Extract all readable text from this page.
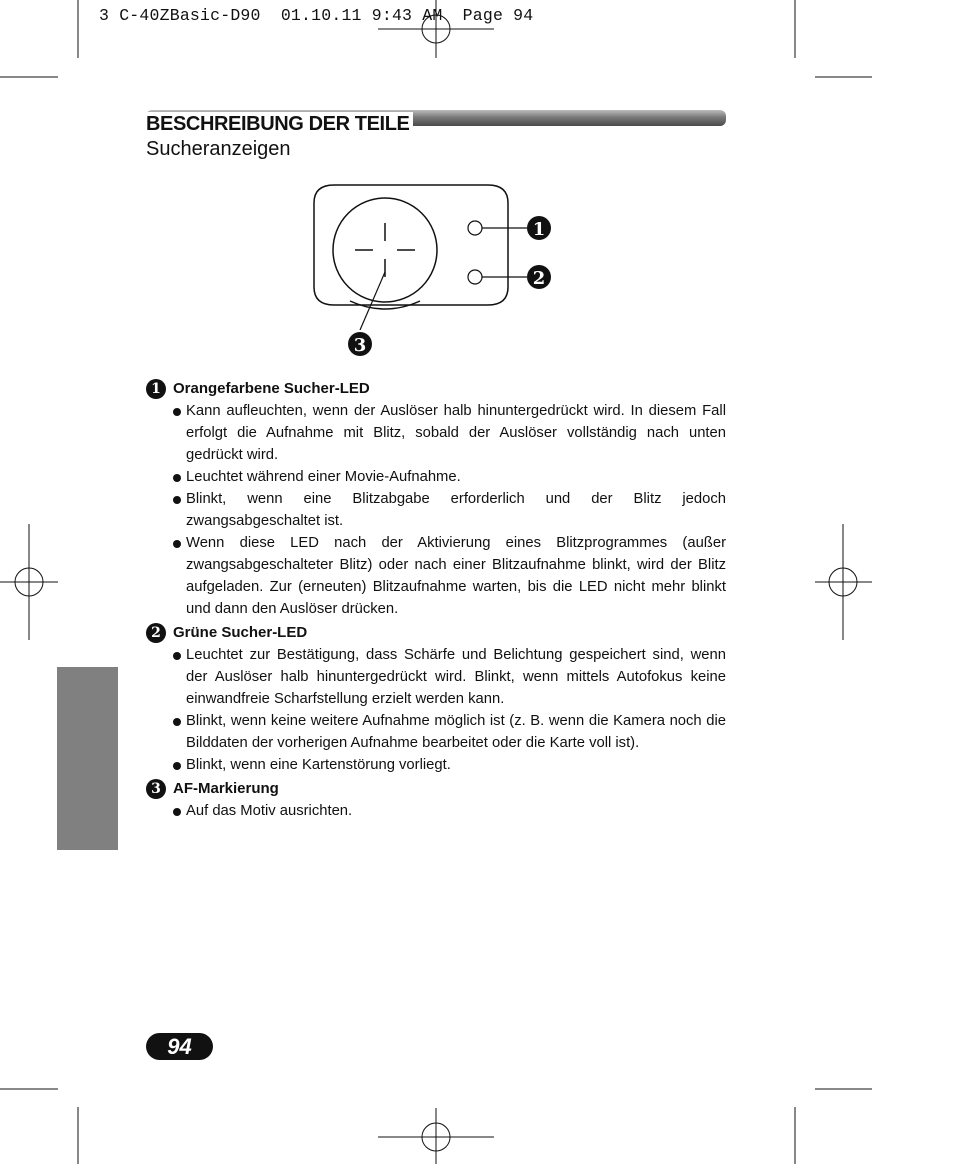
3 C-40ZBasic-D90  01.10.11 9:43 AM  Page 94
BESCHREIBUNG DER TEILE
Sucheranzeigen
1
2
3
1 Orangefarbene Sucher-LED
Kann aufleuchten, wenn der Auslöser halb hinuntergedrückt wird. In diesem Fall erfolgt die Aufnahme mit Blitz, sobald der Auslöser vollständig nach unten gedrückt wird.
Leuchtet während einer Movie-Aufnahme.
Blinkt, wenn eine Blitzabgabe erforderlich und der Blitz jedoch zwangsabgeschaltet ist.
Wenn diese LED nach der Aktivierung eines Blitzprogrammes (außer zwangsabgeschalteter Blitz) oder nach einer Blitzaufnahme blinkt, wird der Blitz aufgeladen. Zur (erneuten) Blitzaufnahme warten, bis die LED nicht mehr blinkt und dann den Auslöser drücken.
2 Grüne Sucher-LED
Leuchtet zur Bestätigung, dass Schärfe und Belichtung gespeichert sind, wenn der Auslöser halb hinuntergedrückt wird. Blinkt, wenn mittels Autofokus keine einwandfreie Scharfstellung erzielt werden kann.
Blinkt, wenn keine weitere Aufnahme möglich ist (z. B. wenn die Kamera noch die Bilddaten der vorherigen Aufnahme bearbeitet oder die Karte voll ist).
Blinkt, wenn eine Kartenstörung vorliegt.
3 AF-Markierung
Auf das Motiv ausrichten.
94
